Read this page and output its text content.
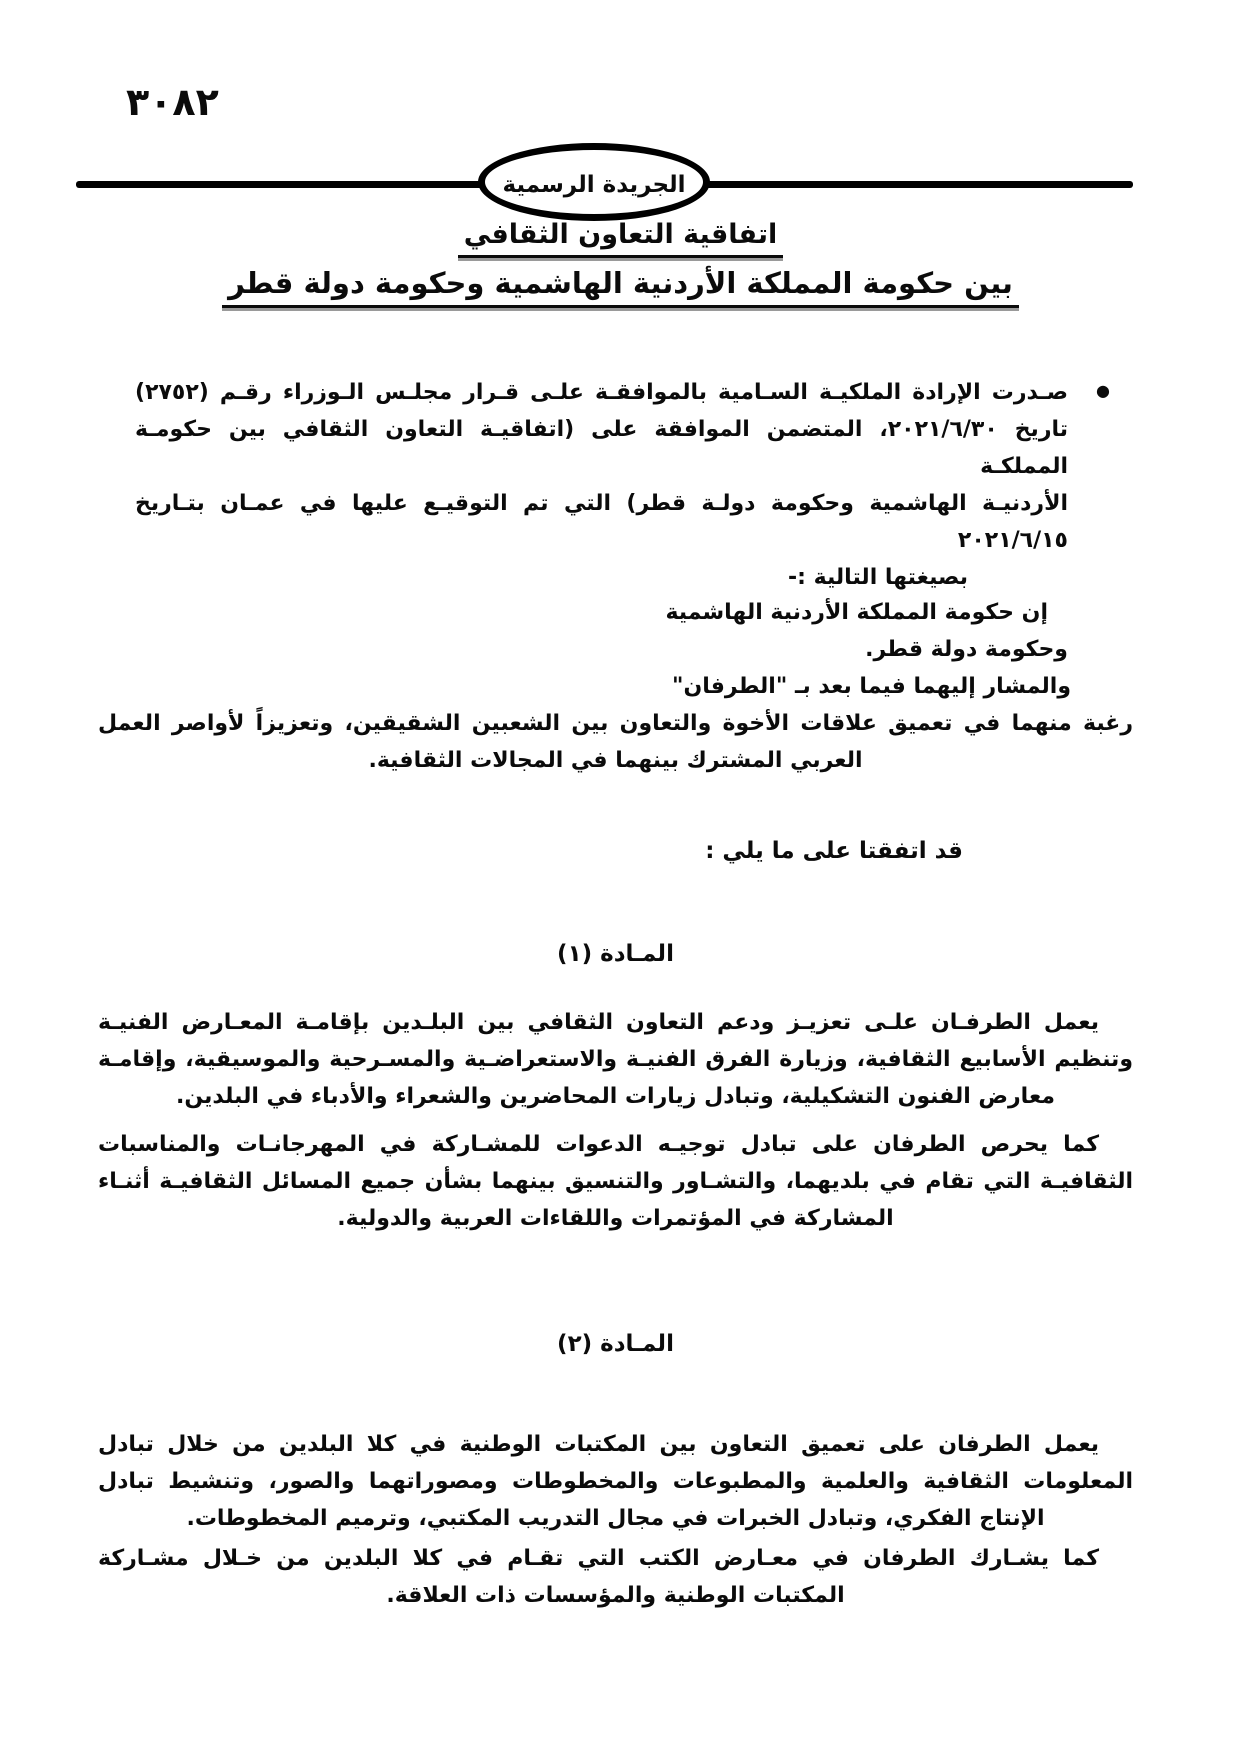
٣٠٨٢
الجريدة الرسمية
اتفاقية التعاون الثقافي
بين حكومة المملكة الأردنية الهاشمية وحكومة دولة قطر
●
صـدرت الإرادة الملكيـة السـامية بالموافقـة علـى قـرار مجلـس الـوزراء رقـم (٢٧٥٢)
تاريخ ٢٠٢١/٦/٣٠، المتضمن الموافقة على (اتفاقيـة التعاون الثقافي بين حكومـة المملكـة
الأردنيـة الهاشمية وحكومة دولـة قطر) التي تم التوقيـع عليها في عمـان بتـاريخ ٢٠٢١/٦/١٥
بصيغتها التالية :-
إن حكومة المملكة الأردنية الهاشمية
وحكومة دولة قطر.
والمشار إليهما فيما بعد بـ "الطرفان"
رغبة منهما في تعميق علاقات الأخوة والتعاون بين الشعبين الشقيقين، وتعزيزاً لأواصر العمل
العربي المشترك بينهما في المجالات الثقافية.
قد اتفقتا على ما يلي :
المـادة (١)
يعمل الطرفـان علـى تعزيـز ودعم التعاون الثقافي بين البلـدين بإقامـة المعـارض الفنيـة
وتنظيم الأسابيع الثقافية، وزيارة الفرق الفنيـة والاستعراضـية والمسـرحية والموسيقية، وإقامـة
معارض الفنون التشكيلية، وتبادل زيارات المحاضرين والشعراء والأدباء في البلدين.
كما يحرص الطرفان على تبادل توجيـه الدعوات للمشـاركة في المهرجانـات والمناسبات
الثقافيـة التي تقام في بلديهما، والتشـاور والتنسيق بينهما بشأن جميع المسائل الثقافيـة أثنـاء
المشاركة في المؤتمرات واللقاءات العربية والدولية.
المـادة (٢)
يعمل الطرفان على تعميق التعاون بين المكتبات الوطنية في كلا البلدين من خلال تبادل
المعلومات الثقافية والعلمية والمطبوعات والمخطوطات ومصوراتهما والصور، وتنشيط تبادل
الإنتاج الفكري، وتبادل الخبرات في مجال التدريب المكتبي، وترميم المخطوطات.
كما يشـارك الطرفان في معـارض الكتب التي تقـام في كلا البلدين من خـلال مشـاركة
المكتبات الوطنية والمؤسسات ذات العلاقة.
